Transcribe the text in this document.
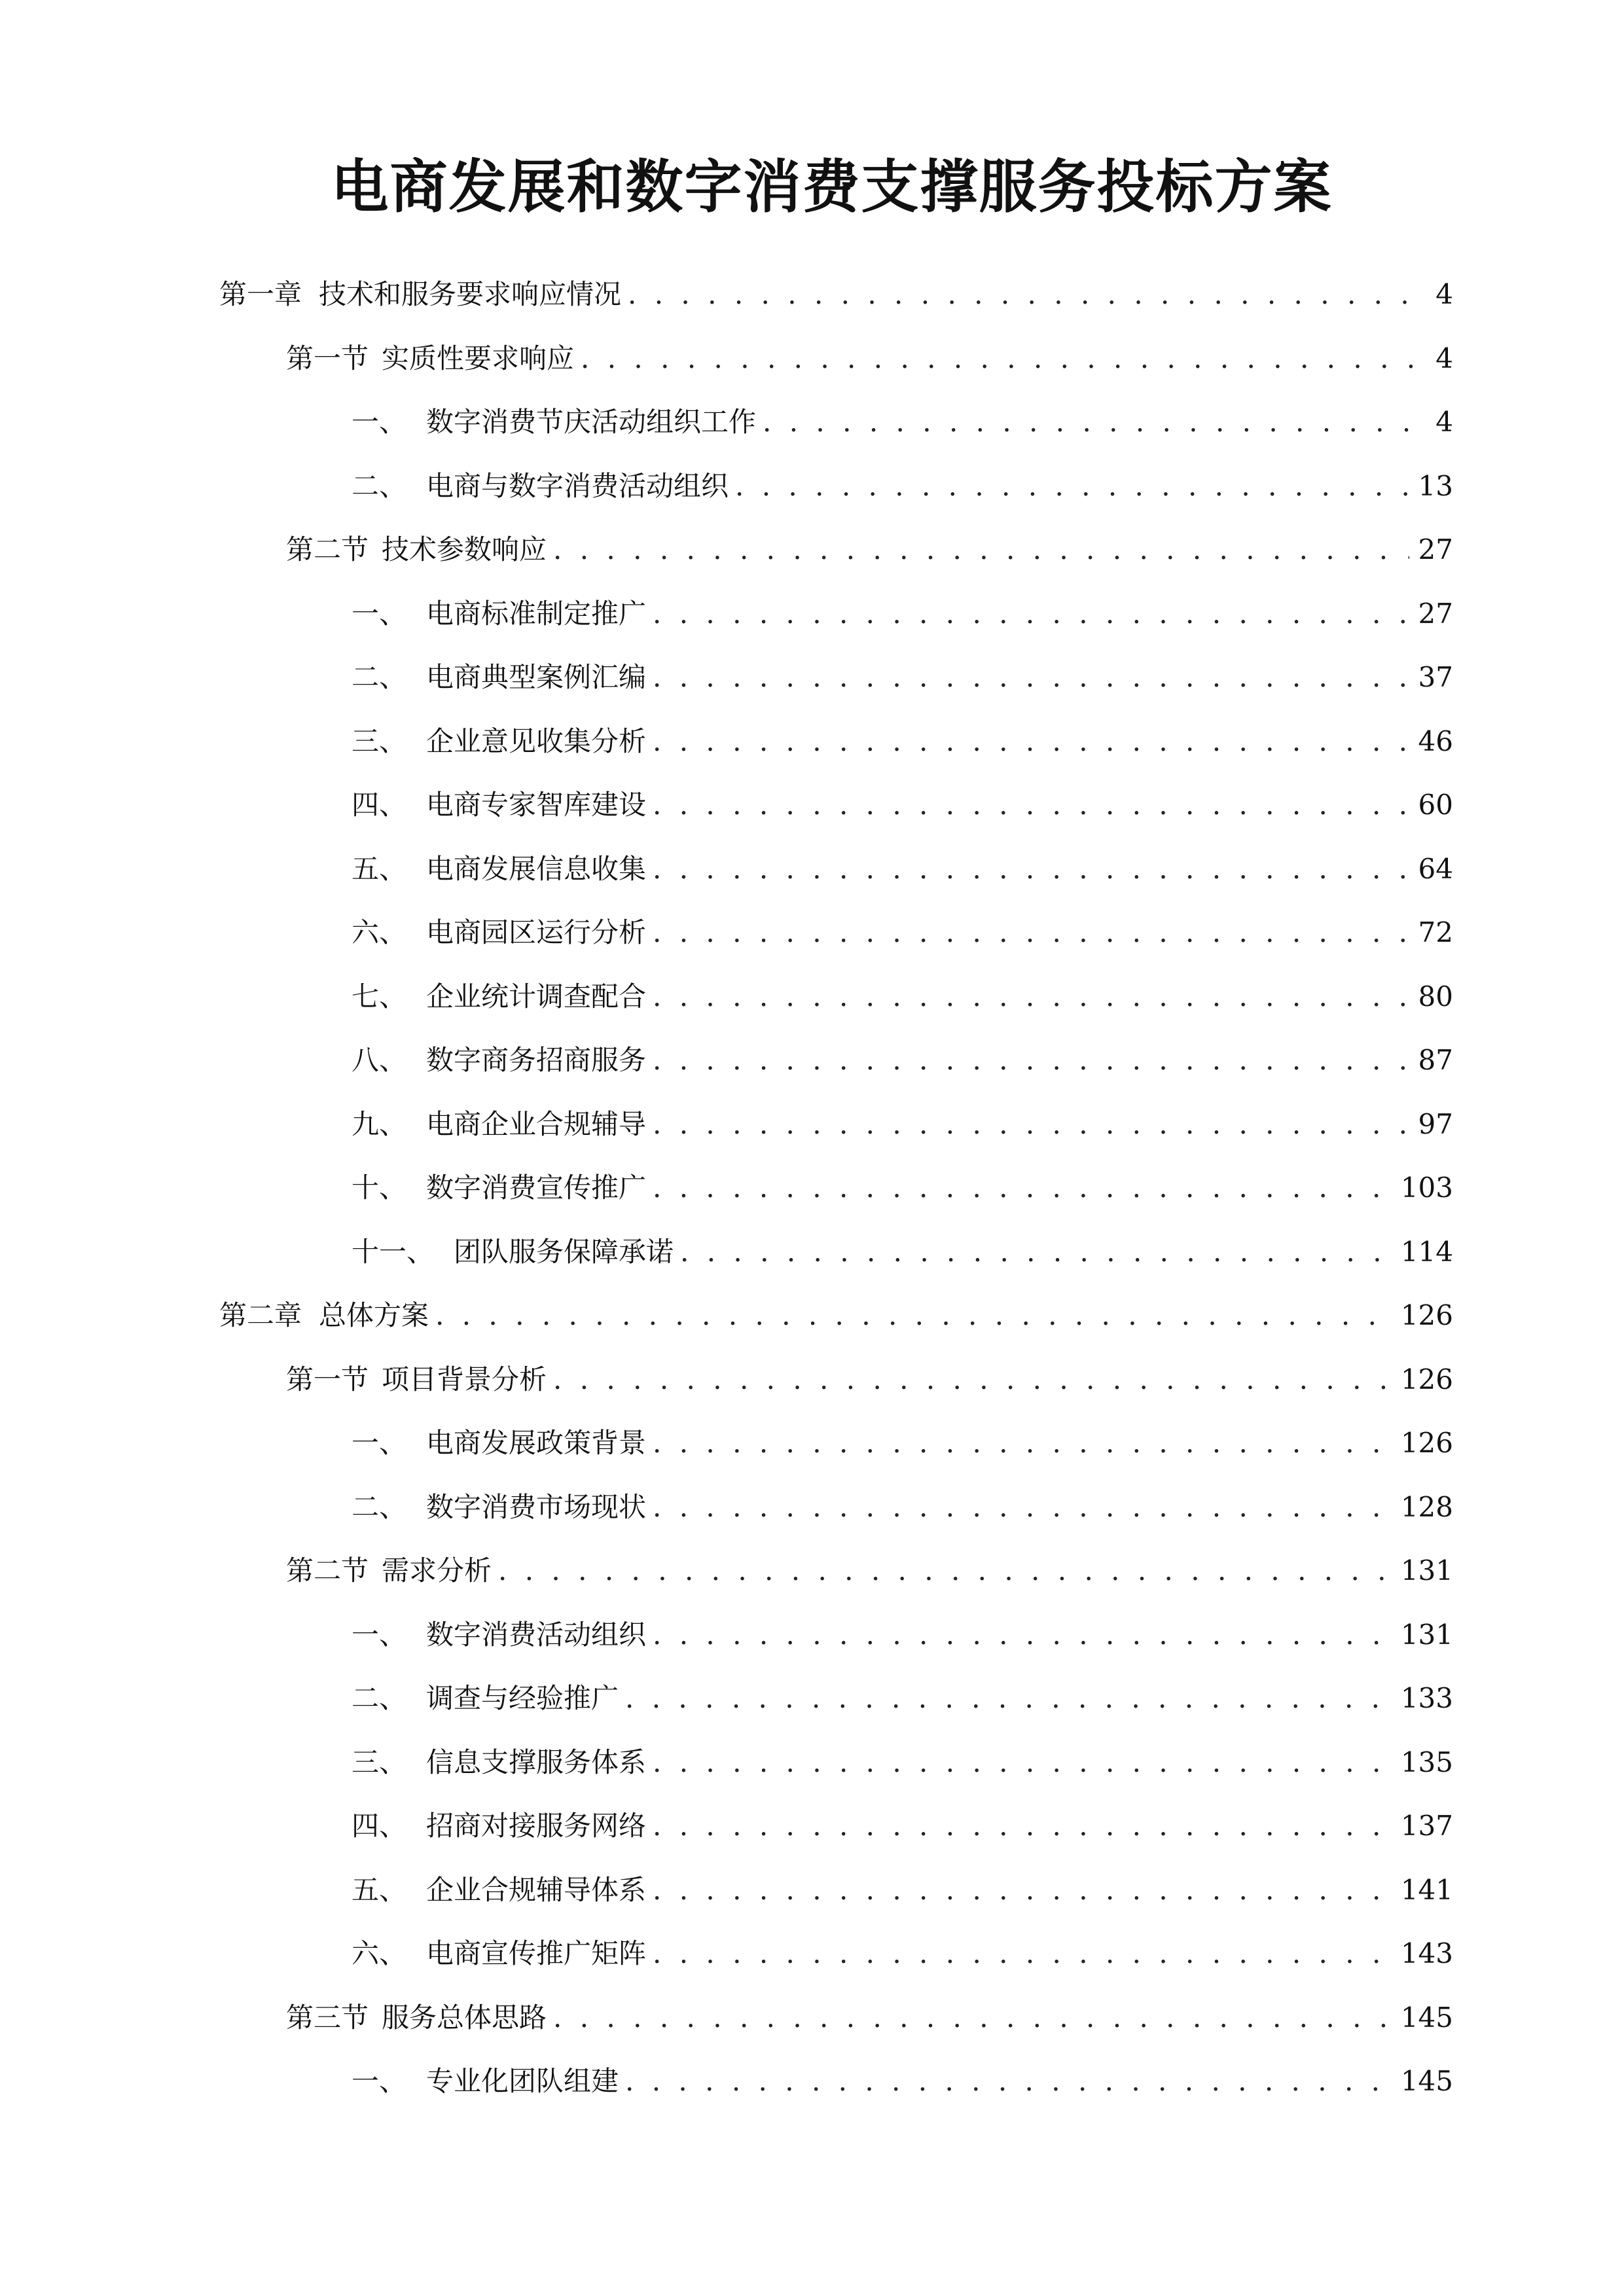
电商发展和数字消费支撑服务投标方案
第一章 技术和服务要求响应情况 . . .	4
第一节 实质性要求响应 . . .	4
一、 数字消费节庆活动组织工作 . . .	4
二、 电商与数字消费活动组织 . . .	13
第二节 技术参数响应 . . .	27
一、 电商标准制定推广 . . .	27
二、 电商典型案例汇编 . . .	37
三、 企业意见收集分析 . . .	46
四、 电商专家智库建设 . . .	60
五、 电商发展信息收集 . . .	64
六、 电商园区运行分析 . . .	72
七、 企业统计调查配合 . . .	80
八、 数字商务招商服务 . . .	87
九、 电商企业合规辅导 . . .	97
十、 数字消费宣传推广 . . .	103
十一、 团队服务保障承诺 . . .	114
第二章 总体方案 . . .	126
第一节 项目背景分析 . . .	126
一、 电商发展政策背景 . . .	126
二、 数字消费市场现状 . . .	128
第二节 需求分析 . . .	131
一、 数字消费活动组织 . . .	131
二、 调查与经验推广 . . .	133
三、 信息支撑服务体系 . . .	135
四、 招商对接服务网络 . . .	137
五、 企业合规辅导体系 . . .	141
六、 电商宣传推广矩阵 . . .	143
第三节 服务总体思路 . . .	145
一、 专业化团队组建 . . .	145
